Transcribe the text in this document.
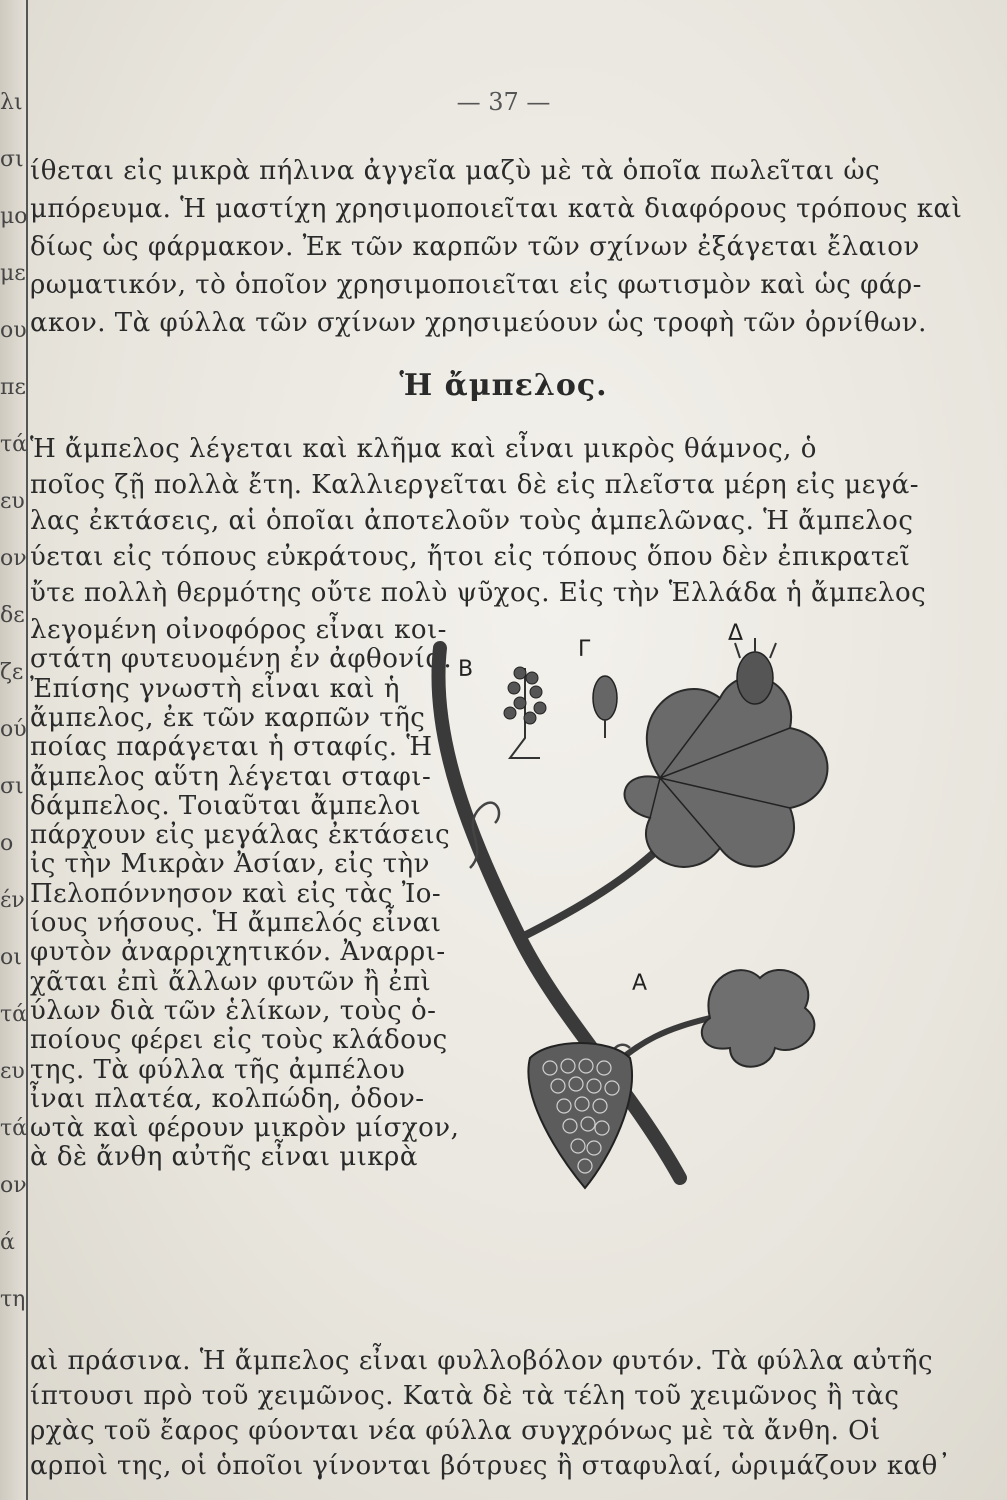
λι
σι
μο
με
ου
πε
τά
ευ
ον
δε
ζε
ού
σι
ο
έν
οι
τά
ευ
τά
ον
ά
τη
— 37 —
ίθεται εἰς μικρὰ πήλινα ἀγγεῖα μαζὺ μὲ τὰ ὁποῖα πωλεῖται ὡς
μπόρευμα. Ἡ μαστίχη χρησιμοποιεῖται κατὰ διαφόρους τρόπους καὶ
δίως ὡς φάρμακον. Ἐκ τῶν καρπῶν τῶν σχίνων ἐξάγεται ἔλαιον
ρωματικόν, τὸ ὁποῖον χρησιμοποιεῖται εἰς φωτισμὸν καὶ ὡς φάρ-
ακον. Τὰ φύλλα τῶν σχίνων χρησιμεύουν ὡς τροφὴ τῶν ὀρνίθων.
Ἡ ἄμπελος.
Ἡ ἄμπελος λέγεται καὶ κλῆμα καὶ εἶναι μικρὸς θάμνος, ὁ
ποῖος ζῇ πολλὰ ἔτη. Καλλιεργεῖται δὲ εἰς πλεῖστα μέρη εἰς μεγά-
λας ἐκτάσεις, αἱ ὁποῖαι ἀποτελοῦν τοὺς ἀμπελῶνας. Ἡ ἄμπελος
ύεται εἰς τόπους εὐκράτους, ἤτοι εἰς τόπους ὅπου δὲν ἐπικρατεῖ
ὔτε πολλὴ θερμότης οὔτε πολὺ ψῦχος. Εἰς τὴν Ἑλλάδα ἡ ἄμπελος
λεγομένη οἰνοφόρος εἶναι κοι-
στάτη φυτευομένη ἐν ἀφθονίᾳ.
Ἐπίσης γνωστὴ εἶναι καὶ ἡ
ἄμπελος, ἐκ τῶν καρπῶν τῆς
ποίας παράγεται ἡ σταφίς. Ἡ
ἄμπελος αὕτη λέγεται σταφι-
δάμπελος. Τοιαῦται ἄμπελοι
πάρχουν εἰς μεγάλας ἐκτάσεις
ἰς τὴν Μικρὰν Ἀσίαν, εἰς τὴν
Πελοπόννησον καὶ εἰς τὰς Ἰο-
ίους νήσους. Ἡ ἄμπελός εἶναι
φυτὸν ἀναρριχητικόν. Ἀναρρι-
χᾶται ἐπὶ ἄλλων φυτῶν ἢ ἐπὶ
ύλων διὰ τῶν ἑλίκων, τοὺς ὁ-
ποίους φέρει εἰς τοὺς κλάδους
της. Τὰ φύλλα τῆς ἀμπέλου
ἶναι πλατέα, κολπώδη, ὀδον-
ωτὰ καὶ φέρουν μικρὸν μίσχον,
ὰ δὲ ἄνθη αὐτῆς εἶναι μικρὰ
αὶ πράσινα. Ἡ ἄμπελος εἶναι φυλλοβόλον φυτόν. Τὰ φύλλα αὐτῆς
ίπτουσι πρὸ τοῦ χειμῶνος. Κατὰ δὲ τὰ τέλη τοῦ χειμῶνος ἢ τὰς
ρχὰς τοῦ ἔαρος φύονται νέα φύλλα συγχρόνως μὲ τὰ ἄνθη. Οἱ
αρποὶ της, οἱ ὁποῖοι γίνονται βότρυες ἢ σταφυλαί, ὡριμάζουν καθ᾽
Β
Γ
Δ
Α
